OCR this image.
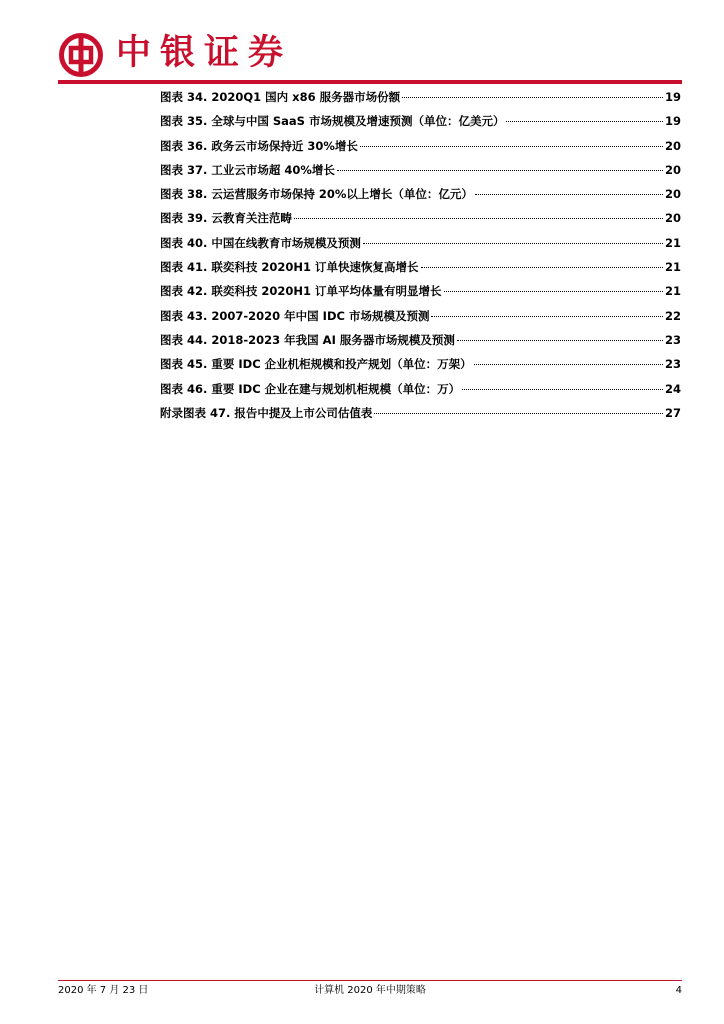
中银证券
图表 34. 2020Q1 国内 x86 服务器市场份额	19
图表 35. 全球与中国 SaaS 市场规模及增速预测（单位：亿美元）	19
图表 36. 政务云市场保持近 30%增长	20
图表 37. 工业云市场超 40%增长	20
图表 38. 云运营服务市场保持 20%以上增长（单位：亿元）	20
图表 39. 云教育关注范畴	20
图表 40. 中国在线教育市场规模及预测	21
图表 41. 联奕科技 2020H1 订单快速恢复高增长	21
图表 42. 联奕科技 2020H1 订单平均体量有明显增长	21
图表 43. 2007-2020 年中国 IDC 市场规模及预测	22
图表 44. 2018-2023 年我国 AI 服务器市场规模及预测	23
图表 45. 重要 IDC 企业机柜规模和投产规划（单位：万架）	23
图表 46. 重要 IDC 企业在建与规划机柜规模（单位：万）	24
附录图表 47. 报告中提及上市公司估值表	27
2020 年 7 月 23 日	计算机 2020 年中期策略	4
